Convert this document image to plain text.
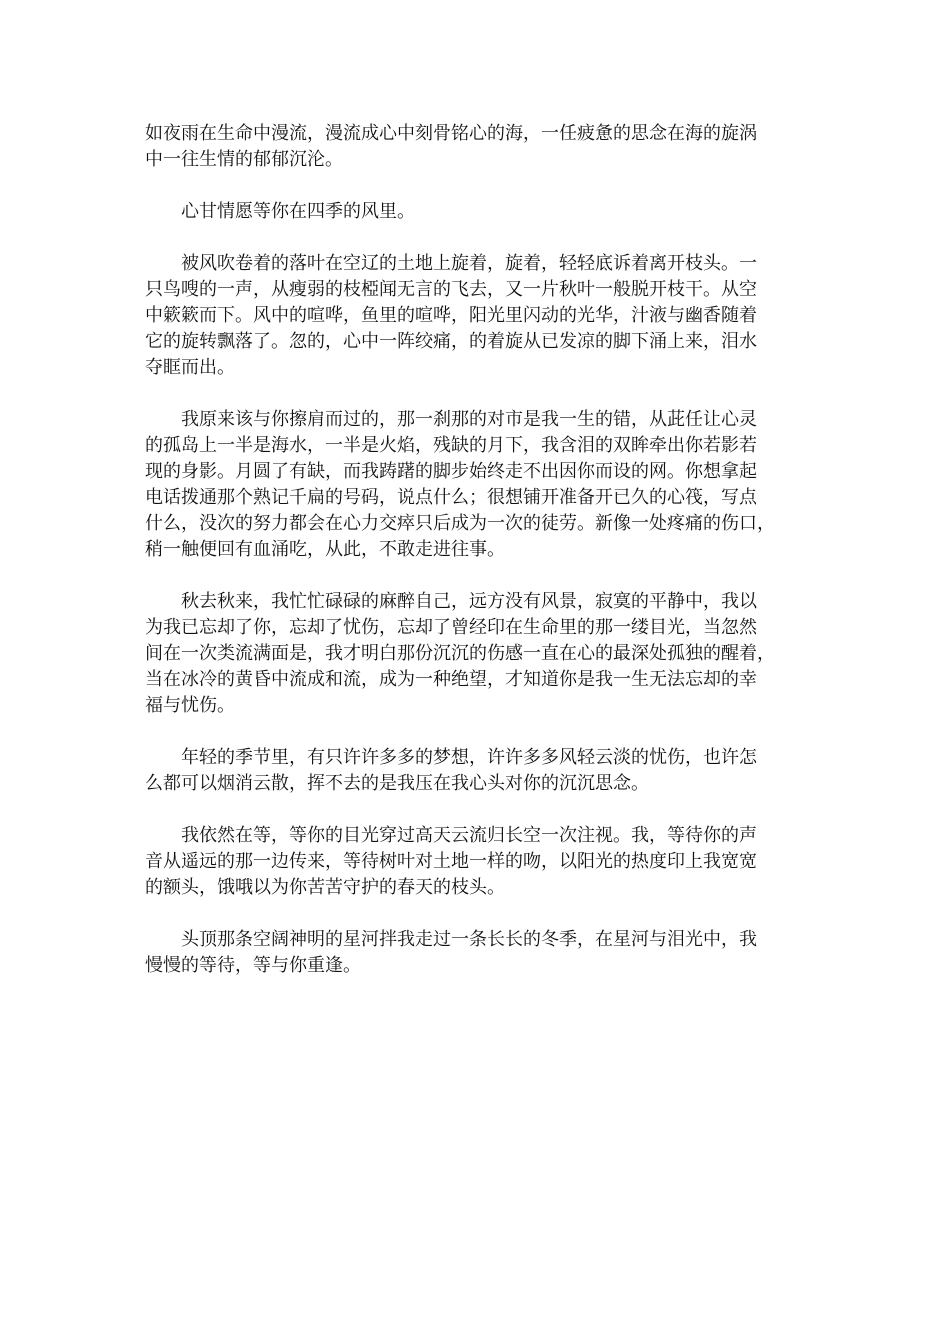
如夜雨在生命中漫流，漫流成心中刻骨铭心的海，一任疲惫的思念在海的旋涡
中一往生情的郁郁沉沦。

　　心甘情愿等你在四季的风里。

　　被风吹卷着的落叶在空辽的土地上旋着，旋着，轻轻底诉着离开枝头。一
只鸟嗖的一声，从瘦弱的枝椏闻无言的飞去，又一片秋叶一般脱开枝干。从空
中簌簌而下。风中的喧哗，鱼里的喧哗，阳光里闪动的光华，汁液与幽香随着
它的旋转飘落了。忽的，心中一阵绞痛，的着旋从已发凉的脚下涌上来，泪水
夺眶而出。

　　我原来该与你擦肩而过的，那一刹那的对市是我一生的错，从茈任让心灵
的孤岛上一半是海水，一半是火焰，残缺的月下，我含泪的双眸牵出你若影若
现的身影。月圆了有缺，而我踌躇的脚步始终走不出因你而设的网。你想拿起
电话拨通那个熟记千扁的号码，说点什么；很想铺开准备开已久的心筏，写点
什么，没次的努力都会在心力交瘁只后成为一次的徒劳。新像一处疼痛的伤口，
稍一触便回有血涌吃，从此，不敢走进往事。

　　秋去秋来，我忙忙碌碌的麻醉自己，远方没有风景，寂寞的平静中，我以
为我已忘却了你，忘却了忧伤，忘却了曾经印在生命里的那一缕目光，当忽然
间在一次类流满面是，我才明白那份沉沉的伤感一直在心的最深处孤独的醒着，
当在冰冷的黄昏中流成和流，成为一种绝望，才知道你是我一生无法忘却的幸
福与忧伤。

　　年轻的季节里，有只许许多多的梦想，许许多多风轻云淡的忧伤，也许怎
么都可以烟消云散，挥不去的是我压在我心头对你的沉沉思念。

　　我依然在等，等你的目光穿过高天云流归长空一次注视。我，等待你的声
音从遥远的那一边传来，等待树叶对土地一样的吻，以阳光的热度印上我宽宽
的额头，饿哦以为你苦苦守护的春天的枝头。

　　头顶那条空阔神明的星河拌我走过一条长长的冬季，在星河与泪光中，我
慢慢的等待，等与你重逢。
